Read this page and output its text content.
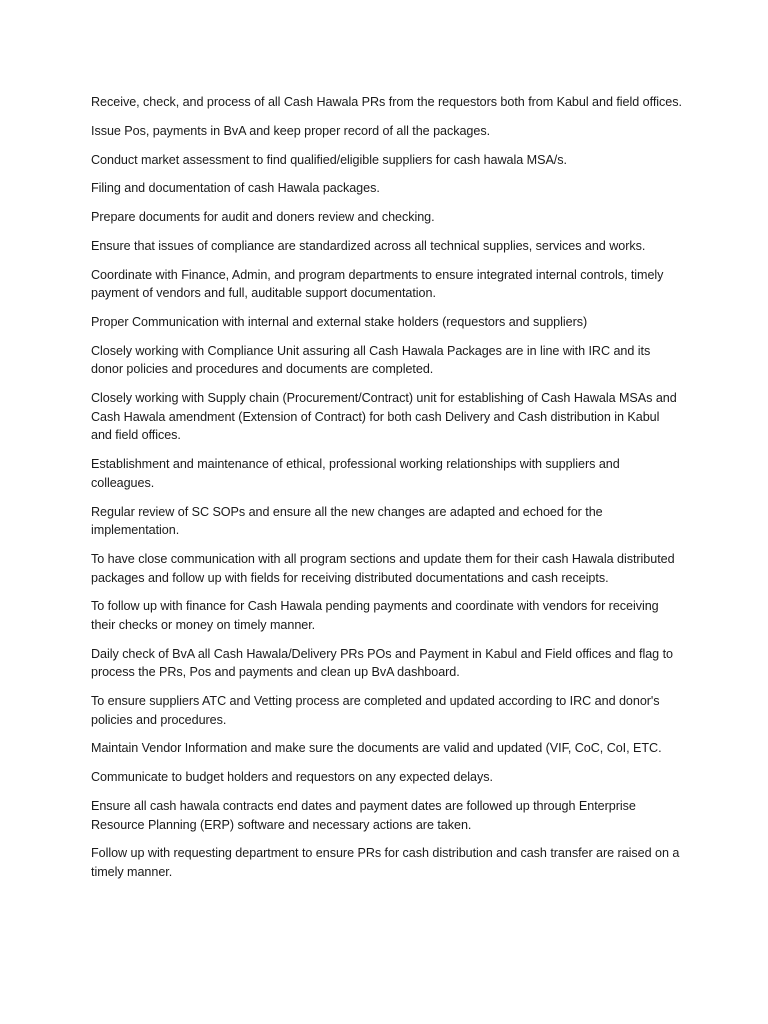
Receive, check, and process of all Cash Hawala PRs from the requestors both from Kabul and field offices.

Issue Pos, payments in BvA and keep proper record of all the packages.

Conduct market assessment to find qualified/eligible suppliers for cash hawala MSA/s.

Filing and documentation of cash Hawala packages.

Prepare documents for audit and doners review and checking.

Ensure that issues of compliance are standardized across all technical supplies, services and works.

Coordinate with Finance, Admin, and program departments to ensure integrated internal controls, timely payment of vendors and full, auditable support documentation.

Proper Communication with internal and external stake holders (requestors and suppliers)

Closely working with Compliance Unit assuring all Cash Hawala Packages are in line with IRC and its donor policies and procedures and documents are completed.

Closely working with Supply chain (Procurement/Contract) unit for establishing of Cash Hawala MSAs and Cash Hawala amendment (Extension of Contract) for both cash Delivery and Cash distribution in Kabul and field offices.

Establishment and maintenance of ethical, professional working relationships with suppliers and colleagues.

Regular review of SC SOPs and ensure all the new changes are adapted and echoed for the implementation.

To have close communication with all program sections and update them for their cash Hawala distributed packages and follow up with fields for receiving distributed documentations and cash receipts.

To follow up with finance for Cash Hawala pending payments and coordinate with vendors for receiving their checks or money on timely manner.

Daily check of BvA all Cash Hawala/Delivery PRs POs and Payment in Kabul and Field offices and flag to process the PRs, Pos and payments and clean up BvA dashboard.

To ensure suppliers ATC and Vetting process are completed and updated according to IRC and donor's policies and procedures.

Maintain Vendor Information and make sure the documents are valid and updated (VIF, CoC, CoI, ETC.

Communicate to budget holders and requestors on any expected delays.

Ensure all cash hawala contracts end dates and payment dates are followed up through Enterprise Resource Planning (ERP) software and necessary actions are taken.

Follow up with requesting department to ensure PRs for cash distribution and cash transfer are raised on a timely manner.
